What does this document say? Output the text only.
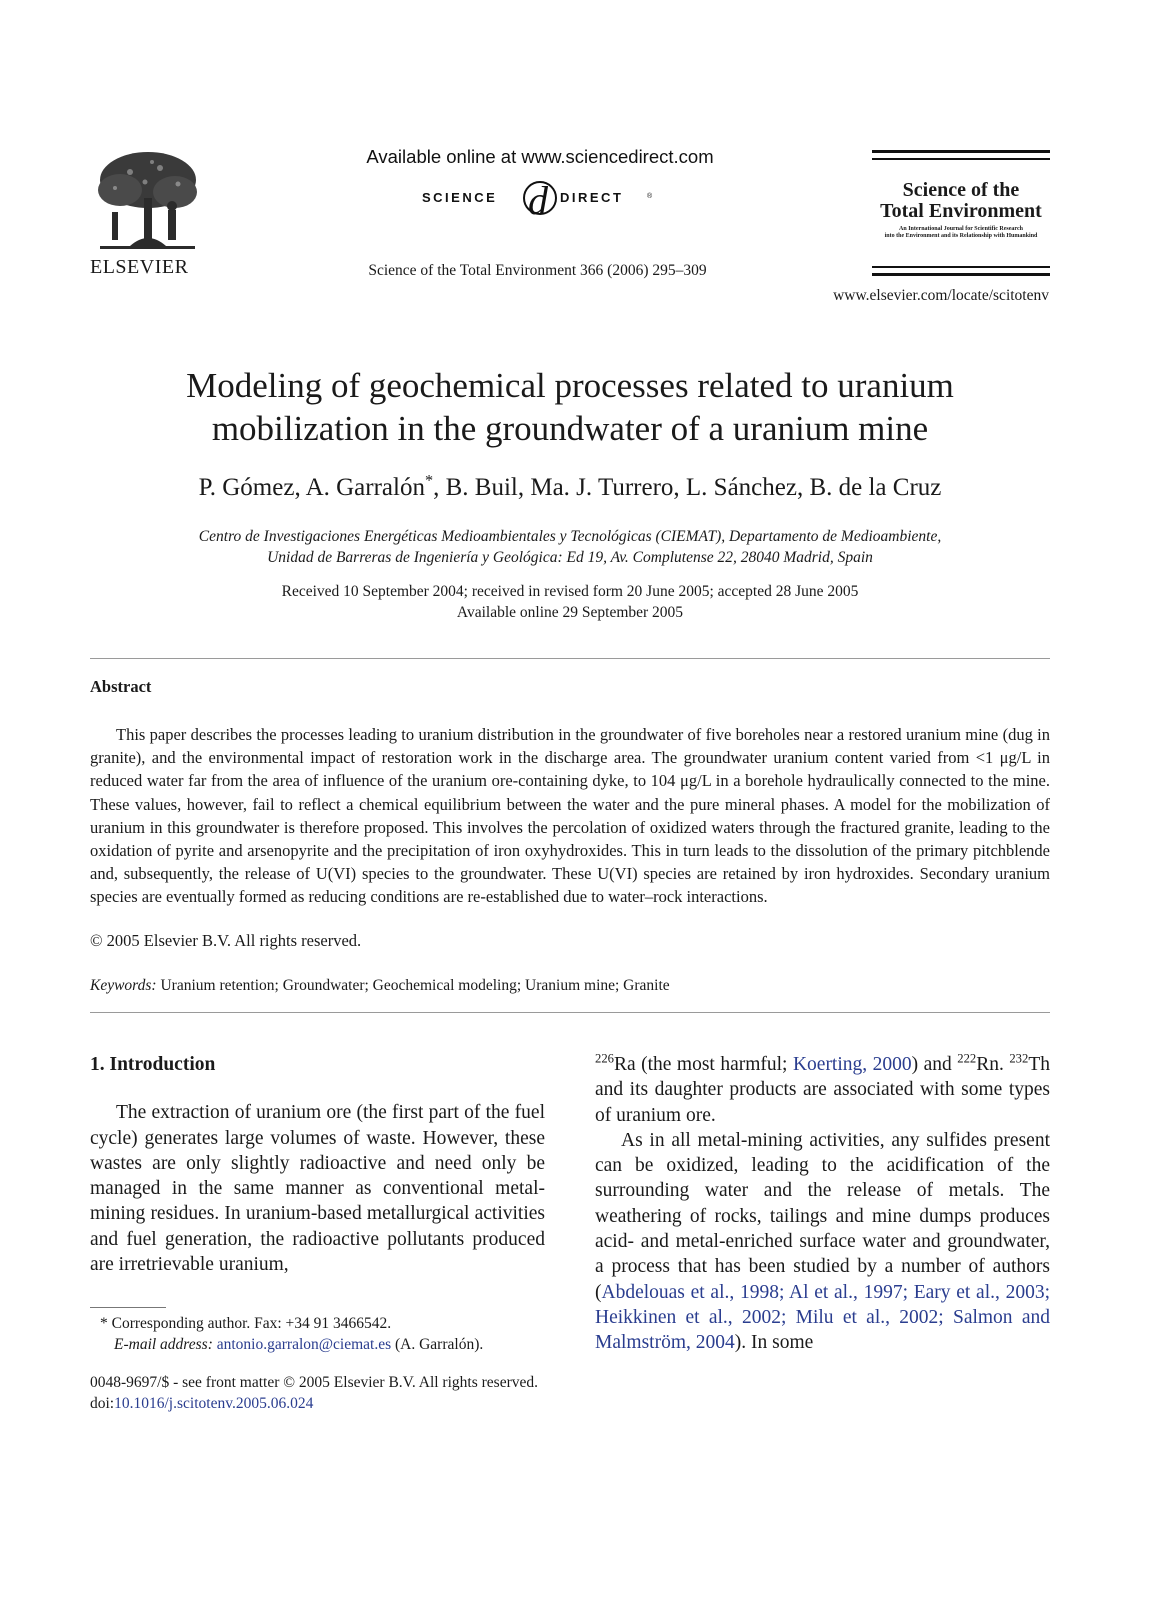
ELSEVIER
Available online at www.sciencedirect.com
SCIENCE d DIRECT	®
Science of the Total Environment 366 (2006) 295–309
Science of the
Total Environment
An International Journal for Scientific Research
into the Environment and its Relationship with Humankind
www.elsevier.com/locate/scitotenv
Modeling of geochemical processes related to uranium
mobilization in the groundwater of a uranium mine
P. Gómez, A. Garralón*, B. Buil, Ma. J. Turrero, L. Sánchez, B. de la Cruz
Centro de Investigaciones Energéticas Medioambientales y Tecnológicas (CIEMAT), Departamento de Medioambiente,
Unidad de Barreras de Ingeniería y Geológica: Ed 19, Av. Complutense 22, 28040 Madrid, Spain
Received 10 September 2004; received in revised form 20 June 2005; accepted 28 June 2005
Available online 29 September 2005
Abstract

This paper describes the processes leading to uranium distribution in the groundwater of five boreholes near a restored uranium mine (dug in granite), and the environmental impact of restoration work in the discharge area. The groundwater uranium content varied from <1 μg/L in reduced water far from the area of influence of the uranium ore-containing dyke, to 104 μg/L in a borehole hydraulically connected to the mine. These values, however, fail to reflect a chemical equilibrium between the water and the pure mineral phases. A model for the mobilization of uranium in this groundwater is therefore proposed. This involves the percolation of oxidized waters through the fractured granite, leading to the oxidation of pyrite and arsenopyrite and the precipitation of iron oxyhydroxides. This in turn leads to the dissolution of the primary pitchblende and, subsequently, the release of U(VI) species to the groundwater. These U(VI) species are retained by iron hydroxides. Secondary uranium species are eventually formed as reducing conditions are re-established due to water–rock interactions.

© 2005 Elsevier B.V. All rights reserved.
Keywords: Uranium retention; Groundwater; Geochemical modeling; Uranium mine; Granite
1. Introduction

The extraction of uranium ore (the first part of the fuel cycle) generates large volumes of waste. However, these wastes are only slightly radioactive and need only be managed in the same manner as conventional metal-mining residues. In uranium-based metallurgical activities and fuel generation, the radioactive pollutants produced are irretrievable uranium,

$^{226}$Ra (the most harmful; Koerting, 2000) and $^{222}$Rn. $^{232}$Th and its daughter products are associated with some types of uranium ore.

As in all metal-mining activities, any sulfides present can be oxidized, leading to the acidification of the surrounding water and the release of metals. The weathering of rocks, tailings and mine dumps produces acid- and metal-enriched surface water and groundwater, a process that has been studied by a number of authors (Abdelouas et al., 1998; Al et al., 1997; Eary et al., 2003; Heikkinen et al., 2002; Milu et al., 2002; Salmon and Malmström, 2004). In some

* Corresponding author. Fax: +34 91 3466542.
E-mail address: antonio.garralon@ciemat.es (A. Garralón).
0048-9697/$ - see front matter © 2005 Elsevier B.V. All rights reserved.
doi:10.1016/j.scitotenv.2005.06.024
